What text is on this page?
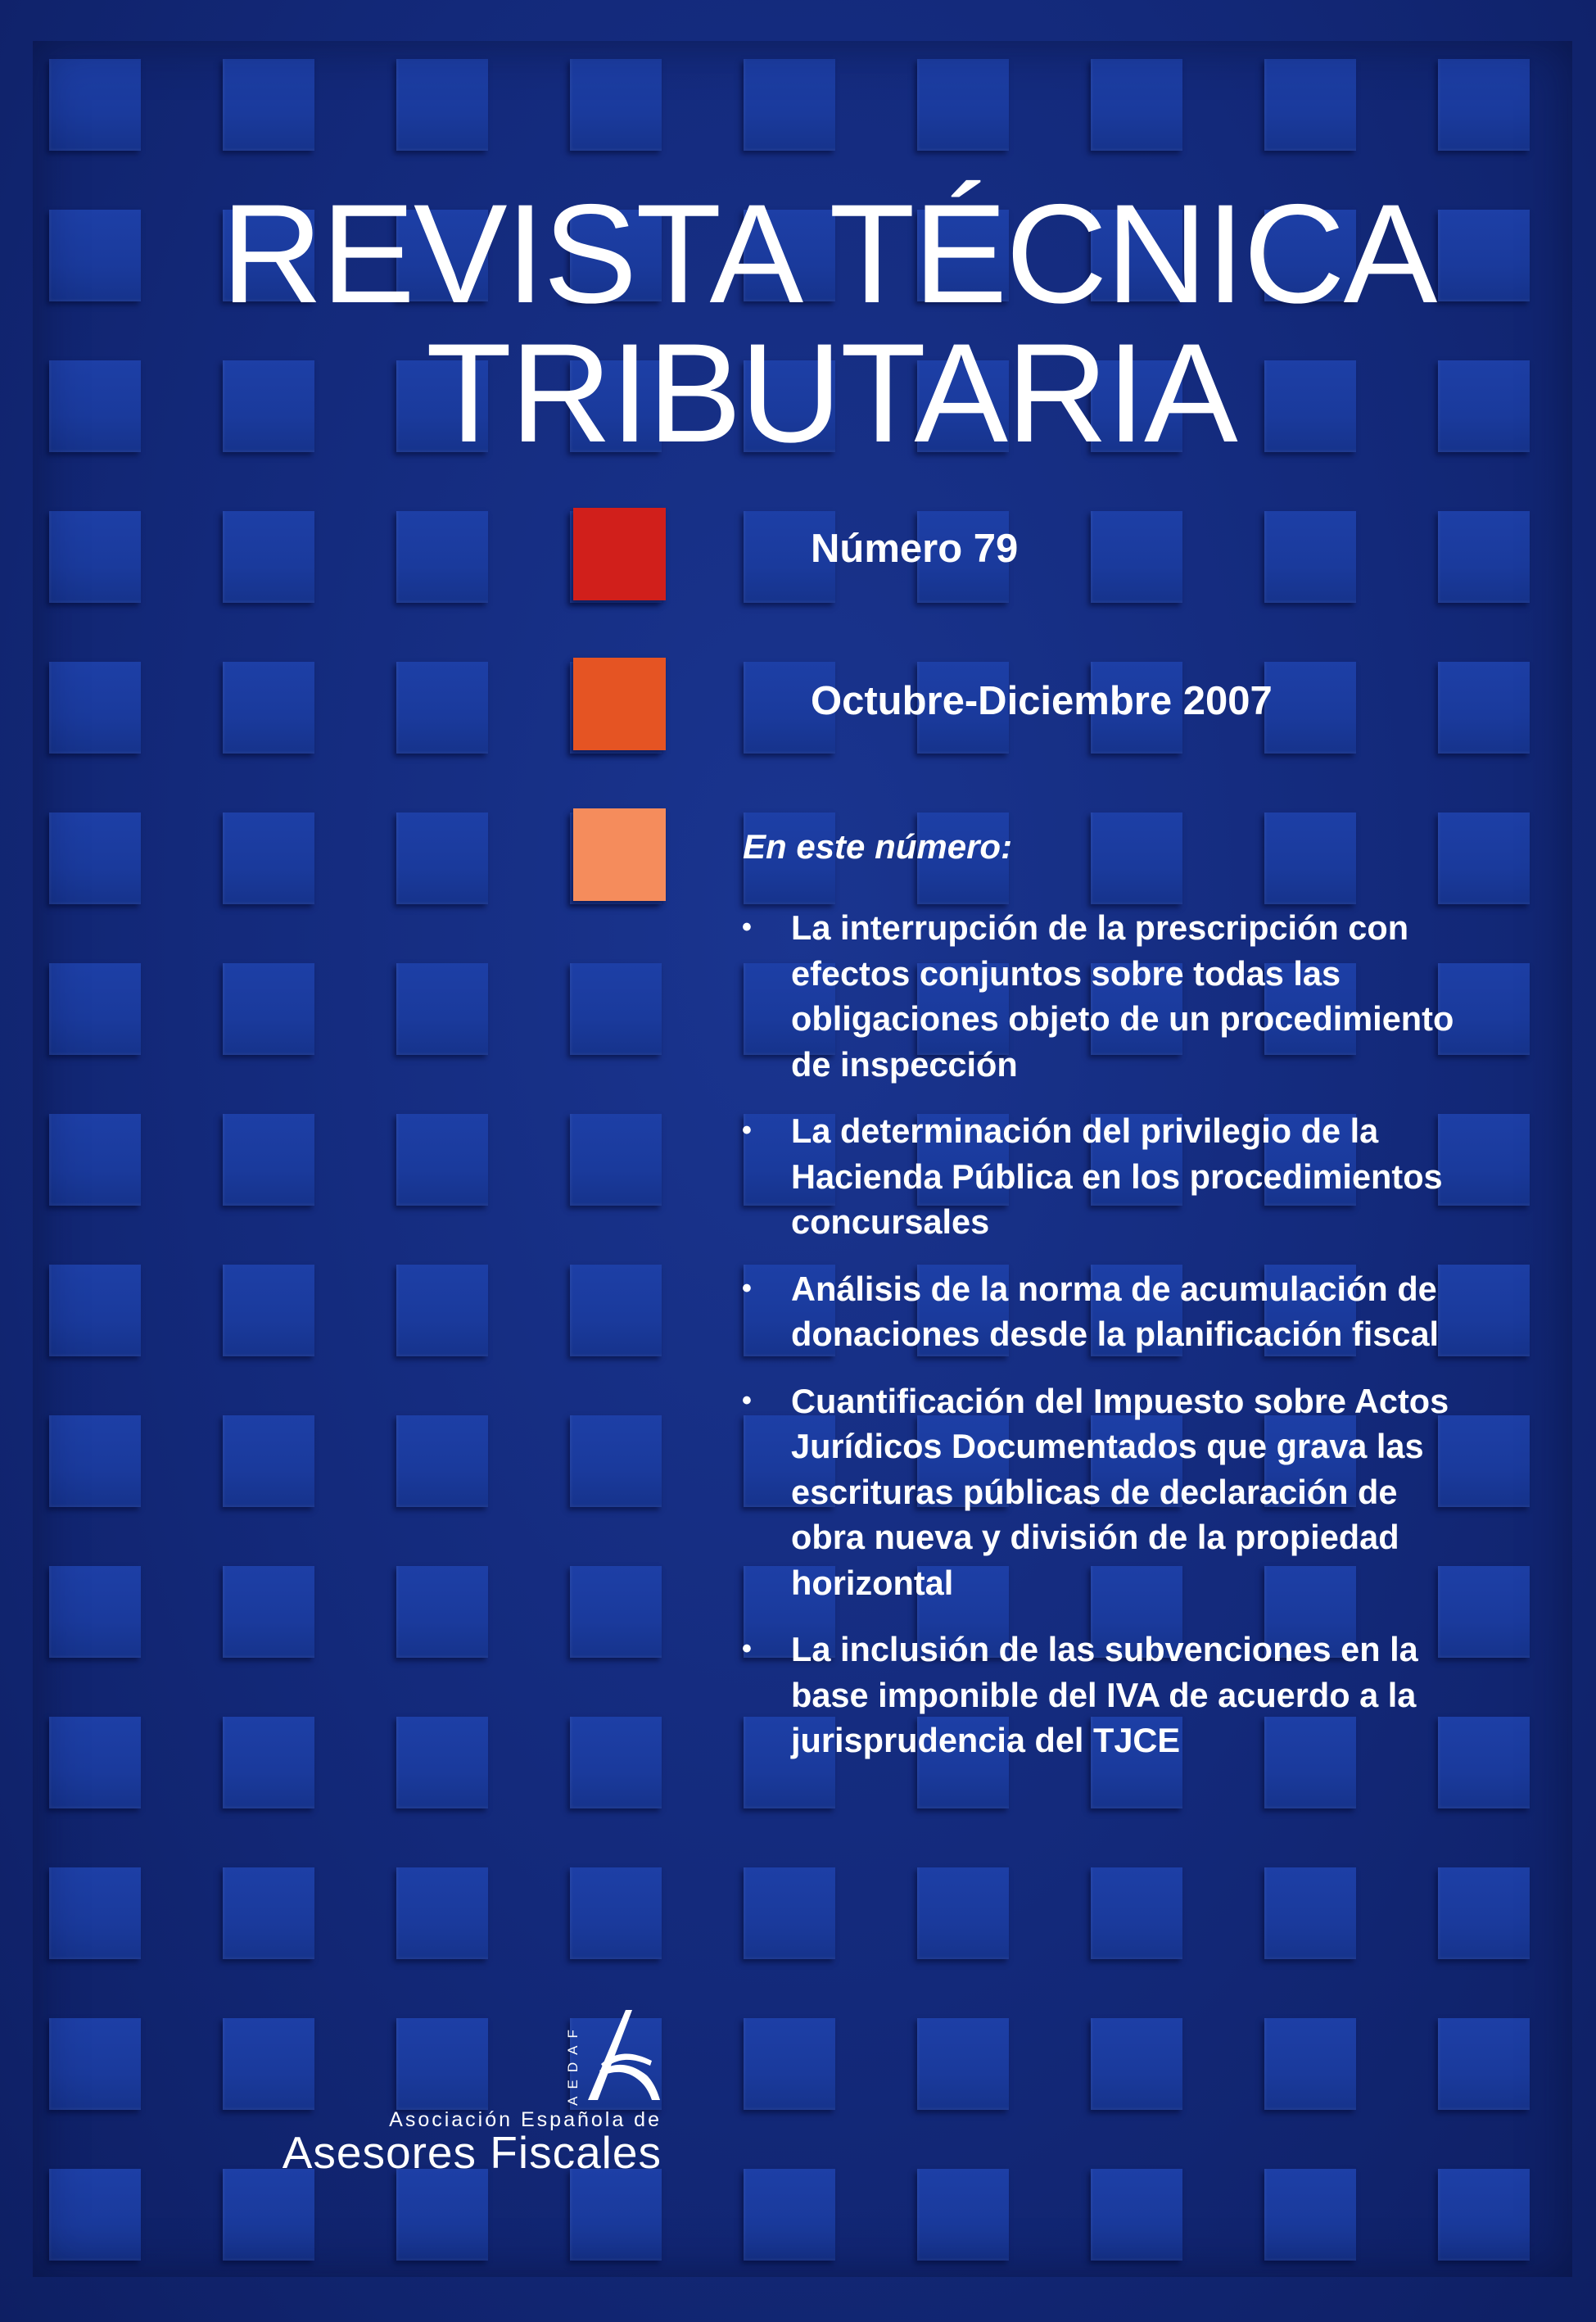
REVISTA TÉCNICA
TRIBUTARIA
Número 79
Octubre-Diciembre 2007
En este número:
• La interrupción de la prescripción con efectos conjuntos sobre todas las obligaciones objeto de un procedimiento de inspección
• La determinación del privilegio de la Hacienda Pública en los procedimientos concursales
• Análisis de la norma de acumulación de donaciones desde la planificación fiscal
• Cuantificación del Impuesto sobre Actos Jurídicos Documentados que grava las escrituras públicas de declaración de obra nueva y división de la propiedad horizontal
• La inclusión de las subvenciones en la base imponible del IVA de acuerdo a la jurisprudencia del TJCE
AEDAF
Asociación Española de
Asesores Fiscales
